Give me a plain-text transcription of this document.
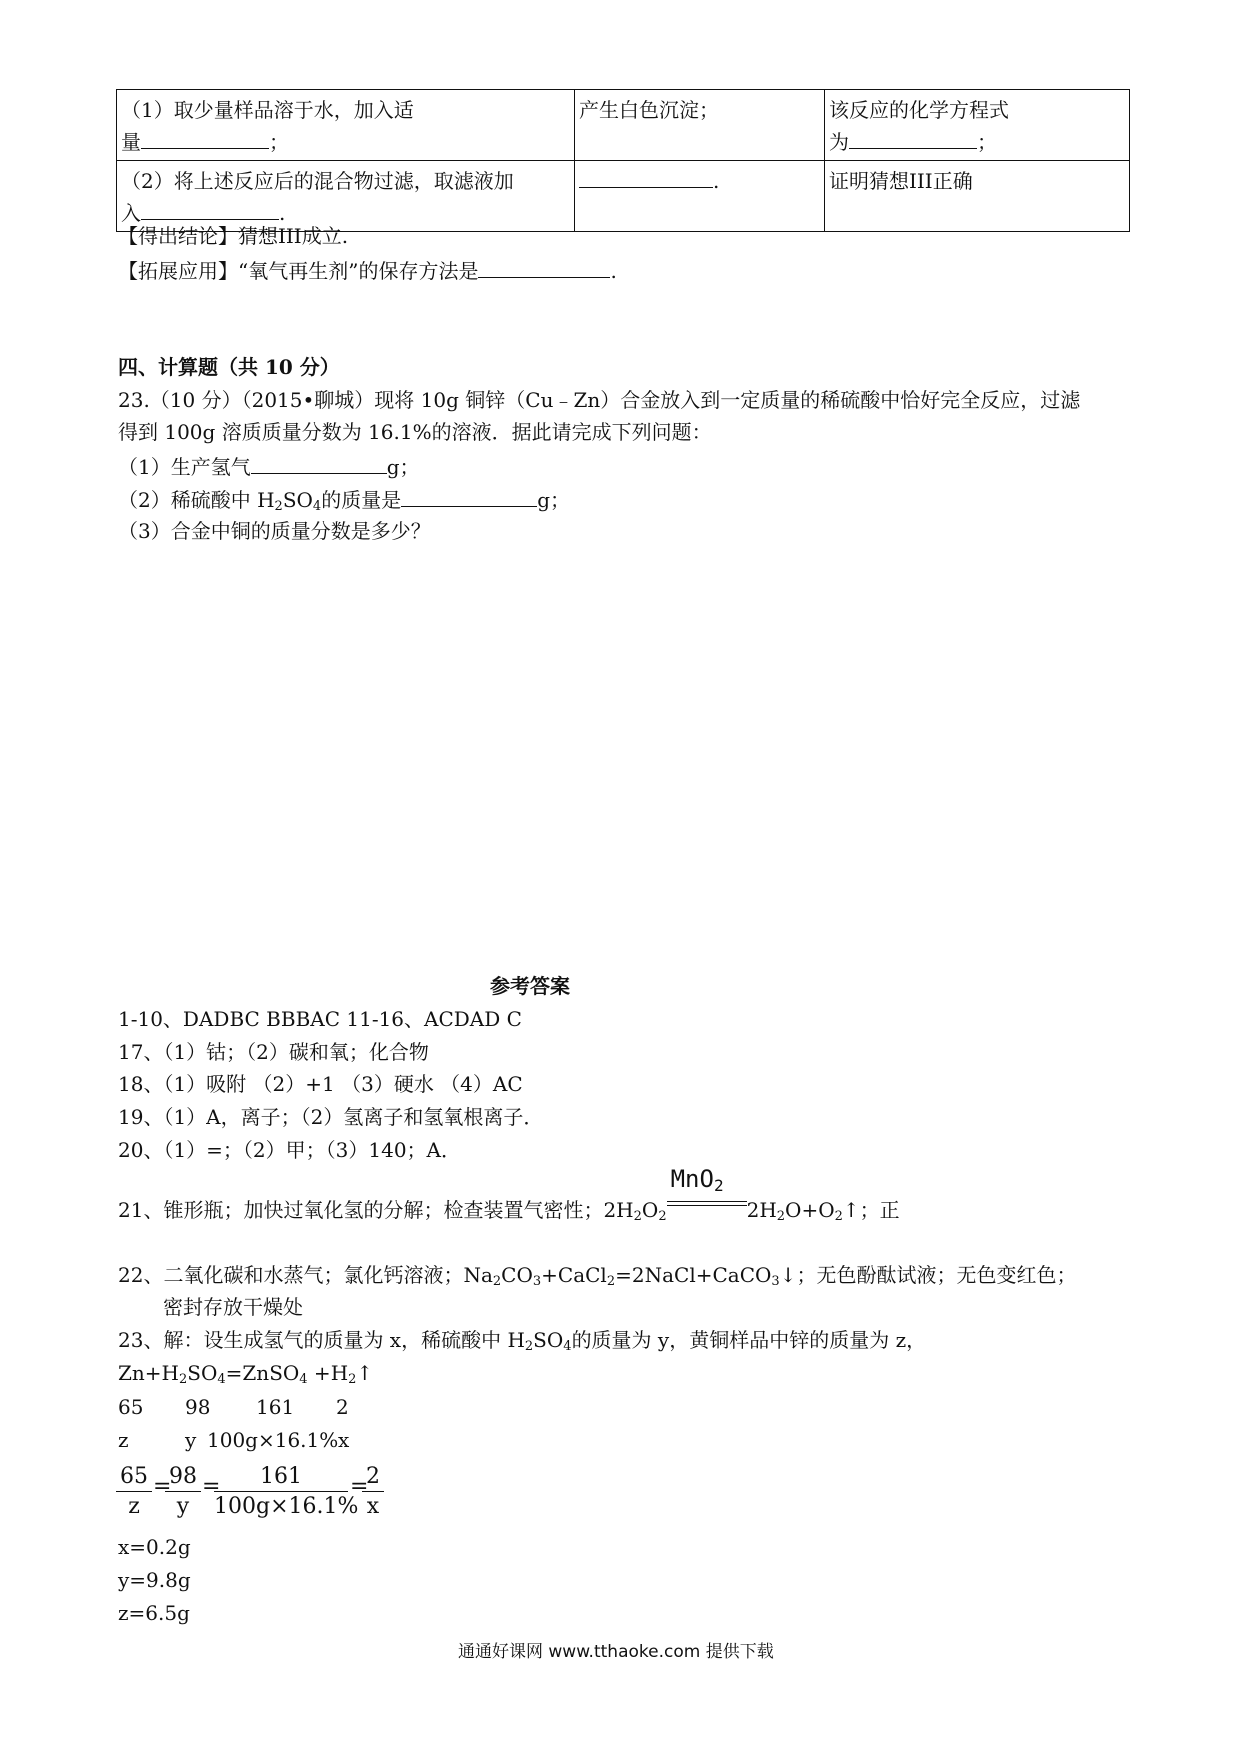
（1）取少量样品溶于水，加入适
量 ；	产生白色沉淀；	该反应的化学方程式
为 ；
（2）将上述反应后的混合物过滤，取滤液加
入 .	.	证明猜想III正确
【得出结论】猜想III成立.
【拓展应用】“氧气再生剂”的保存方法是	.
四、计算题（共 10 分）
23.（10 分）（2015•聊城）现将 10g 铜锌（Cu﹣Zn）合金放入到一定质量的稀硫酸中恰好完全反应，过滤
得到 100g 溶质质量分数为 16.1%的溶液．据此请完成下列问题：
（1）生产氢气	g；
（2）稀硫酸中 $H_2SO_4$的质量是	g；
（3）合金中铜的质量分数是多少？
参考答案
1-10、DADBC BBBAC 11-16、ACDAD C
17、（1）钴；（2）碳和氧；化合物
18、（1）吸附 （2）+1 （3）硬水 （4）AC
19、（1）A，离子；（2）氢离子和氢氧根离子．
20、（1）=；（2）甲；（3）140；A．
21、锥形瓶；加快过氧化氢的分解；检查装置气密性；$2H_2O_2$
MnO2
$2H_2O+O_2↑$；正
22、二氧化碳和水蒸气；氯化钙溶液；$Na_2CO_3+CaCl_2=2NaCl+CaCO_3↓$；无色酚酞试液；无色变红色；
密封存放干燥处
23、解：设生成氢气的质量为 x，稀硫酸中 $H_2SO_4$的质量为 y，黄铜样品中锌的质量为 z，
$Zn+H_2SO_4=ZnSO_4$ $+H_2↑$
65 98 161 2
z	y 100g×16.1% x
$\frac{65}{z}$ =
$\frac{98}{y}$ =
$\frac{161}{100g\times 16.1\%}$ =
$\frac{2}{x}$
x=0.2g
y=9.8g
z=6.5g
通通好课网 www.tthaoke.com 提供下载
